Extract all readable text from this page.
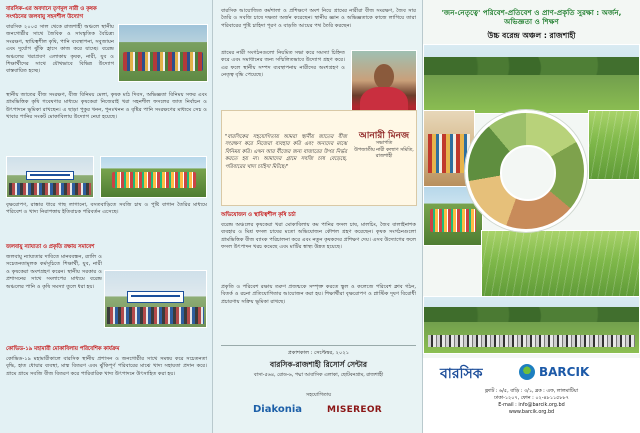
বারসিক-এর অবদানে তৃণমূল নারী ও কৃষক সংগঠনের জলবায়ু সহনশীল উদ্যোগ
বারসিক ২০০৫ সাল থেকে রাজশাহী অঞ্চলে স্থানীয় জনগোষ্ঠীর সাথে জৈবিক ও সাংস্কৃতিক বৈচিত্র্য সংরক্ষণ, স্থায়িত্বশীল কৃষি, পানি ব্যবস্থাপনা, সবুজায়ন এবং দুর্যোগ ঝুঁকি হ্রাসে কাজ করে যাচ্ছে। বরেন্দ্র অঞ্চলের খরাপ্রবণ এলাকায় কৃষক, নারী, যুব ও শিক্ষার্থীদের সাথে যৌথভাবে বিভিন্ন উদ্যোগ বাস্তবায়িত হচ্ছে।
স্থানীয় জাতের বীজ সংরক্ষণ, বীজ বিনিময় মেলা, কৃষক মাঠ দিবস, অভিজ্ঞতা বিনিময় সফর এবং গ্রামভিত্তিক কৃষি গবেষণার মাধ্যমে কৃষকেরা নিজেরাই খরা সহনশীল ফসলের জাত নির্বাচন ও উৎপাদনে ভূমিকা রাখছেন। এ ছাড়া পুকুর খনন, পুনঃখনন ও বৃষ্টির পানি সংরক্ষণের মাধ্যমে সেচ ও খাবার পানির সংকট মোকাবিলায় উদ্যোগ নেয়া হয়েছে।
বৃক্ষরোপণ, রাস্তার ধারে গাছ লাগানো, বসতবাড়িতে সবজি চাষ ও পুষ্টি বাগান তৈরির মাধ্যমে পরিবেশ ও খাদ্য নিরাপত্তায় ইতিবাচক পরিবর্তন এসেছে।
জলবায়ু ন্যায্যতা ও প্রকৃতি রক্ষায় সমাবেশ
জলবায়ু ন্যায্যতার দাবিতে মানববন্ধন, র‍্যালি ও সচেতনতামূলক কর্মসূচিতে শিক্ষার্থী, যুব, নারী ও কৃষকেরা অংশগ্রহণ করেন। স্থানীয় সরকার ও প্রশাসনের সাথে সংলাপের মাধ্যমে বরেন্দ্র অঞ্চলের পানি ও কৃষি সমস্যা তুলে ধরা হয়।
কোভিড-১৯ মহামারী মোকাবিলায় পরিবেশিক কার্যক্রম
কোভিড-১৯ মহামারীকালে বারসিক স্থানীয় প্রশাসন ও জনগোষ্ঠীর সাথে সমন্বয় করে সচেতনতা বৃদ্ধি, হাত ধোয়ার ব্যবস্থা, মাস্ক বিতরণ এবং ঝুঁকিপূর্ণ পরিবারের মাঝে খাদ্য সহায়তা প্রদান করে। গ্রামে গ্রামে সবজি বীজ বিতরণ করে পারিবারিক খাদ্য উৎপাদনে উৎসাহিত করা হয়।
বারসিক আয়োজিত কর্মশালা ও প্রশিক্ষণে অংশ নিয়ে গ্রামের নারীরা বীজ সংরক্ষণ, জৈব সার তৈরি ও সবজি চাষে দক্ষতা অর্জন করেছেন। স্থানীয় জ্ঞান ও অভিজ্ঞতাকে কাজে লাগিয়ে তারা পরিবারের পুষ্টি চাহিদা পূরণ ও বাড়তি আয়ের পথ তৈরি করছেন।
গ্রামের নারী সংগঠনগুলো নিয়মিত সভা করে সমস্যা চিহ্নিত করে এবং সমাধানের জন্য সম্মিলিতভাবে উদ্যোগ গ্রহণ করে। এর ফলে স্থানীয় সম্পদ ব্যবস্থাপনায় নারীদের অংশগ্রহণ ও নেতৃত্ব বৃদ্ধি পেয়েছে।
আনারী মিনজ
সভাপতি
উপজাতীয় নারী কল্যাণ সমিতি, রাজশাহী
"বারসিকের সহযোগিতায় আমরা স্থানীয় জাতের বীজ সংরক্ষণ করে নিজেরা ব্যবহার করি এবং অন্যদের মাঝে বিনিময় করি। এখন আর বীজের জন্য বাজারের উপর নির্ভর করতে হয় না। আমাদের গ্রামে সবজি চাষ বেড়েছে, পরিবারের খাদ্য চাহিদা মিটছে।"
অভিযোজন ও স্থায়িত্বশীল কৃষি চর্চা
বরেন্দ্র অঞ্চলের কৃষকেরা খরা মোকাবিলায় কম পানির ফসল চাষ, মালচিং, জৈব বালাইনাশক ব্যবহার ও মিশ্র ফসল চাষের মতো অভিযোজন কৌশল গ্রহণ করেছেন। কৃষক সংগঠনগুলো গ্রামভিত্তিক বীজ ব্যাংক পরিচালনা করে এবং নতুন কৃষকদের প্রশিক্ষণ দেয়। এসব উদ্যোগের ফলে ফসল উৎপাদন খরচ কমেছে এবং মাটির স্বাস্থ্য উন্নত হয়েছে।
প্রকৃতি ও পরিবেশ রক্ষায় তরুণ প্রজন্মকে সম্পৃক্ত করতে স্কুল ও কলেজে পরিবেশ ক্লাব গঠন, বিতর্ক ও রচনা প্রতিযোগিতার আয়োজন করা হয়। শিক্ষার্থীরা বৃক্ষরোপণ ও প্লাস্টিক দূষণ বিরোধী প্রচারণায় সক্রিয় ভূমিকা রাখছে।
প্রকাশকাল : সেপ্টেম্বর, ২০২১
বারসিক-রাজশাহী রিসোর্স সেন্টার
বাসা-৫৬৪, রোড-৬, পদ্মা আবাসিক এলাকা, ছোটবনগ্রাম, রাজশাহী
সহযোগিতায়
Diakonia	MISEREOR
'জন-নেতৃত্বে' পরিবেশ-প্রতিবেশ ও প্রাণ-প্রকৃতি সুরক্ষা : অর্জন, অভিজ্ঞতা ও শিক্ষণ
উচ্চ বরেন্দ্র অঞ্চল : রাজশাহী
বারসিক	BARCIK
ফ্ল্যাট : ৬/৫, বাড়ি : ৩/১, ব্লক : এফ, লালমাটিয়া
ঢাকা-১২০৭, ফোন : ০২-৪৮১১৫৮৮৭
E-mail : info@barcik.org.bd
www.barcik.org.bd
